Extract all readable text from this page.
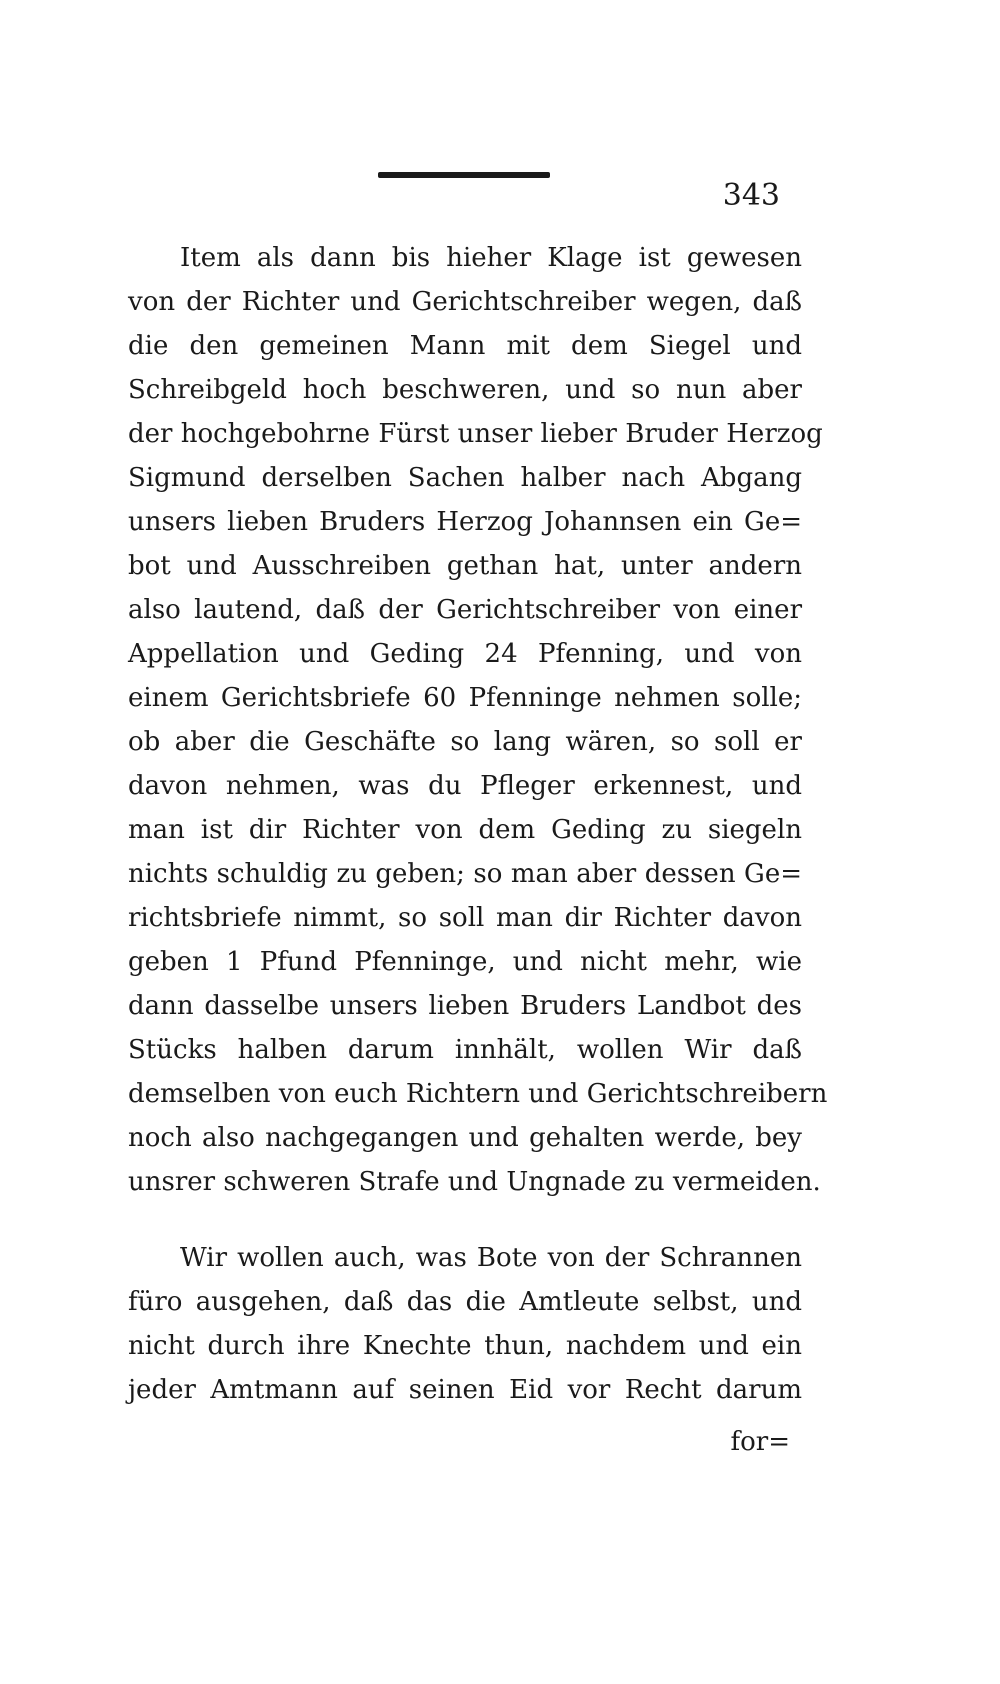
343
Item als dann bis hieher Klage ist gewesen
von der Richter und Gerichtschreiber wegen, daß
die den gemeinen Mann mit dem Siegel und
Schreibgeld hoch beschweren, und so nun aber
der hochgebohrne Fürst unser lieber Bruder Herzog
Sigmund derselben Sachen halber nach Abgang
unsers lieben Bruders Herzog Johannsen ein Ge=
bot und Ausschreiben gethan hat, unter andern
also lautend, daß der Gerichtschreiber von einer
Appellation und Geding 24 Pfenning, und von
einem Gerichtsbriefe 60 Pfenninge nehmen solle;
ob aber die Geschäfte so lang wären, so soll er
davon nehmen, was du Pfleger erkennest, und
man ist dir Richter von dem Geding zu siegeln
nichts schuldig zu geben; so man aber dessen Ge=
richtsbriefe nimmt, so soll man dir Richter davon
geben 1 Pfund Pfenninge, und nicht mehr, wie
dann dasselbe unsers lieben Bruders Landbot des
Stücks halben darum innhält, wollen Wir daß
demselben von euch Richtern und Gerichtschreibern
noch also nachgegangen und gehalten werde, bey
unsrer schweren Strafe und Ungnade zu vermeiden.
Wir wollen auch, was Bote von der Schrannen
füro ausgehen, daß das die Amtleute selbst, und
nicht durch ihre Knechte thun, nachdem und ein
jeder Amtmann auf seinen Eid vor Recht darum
for=
